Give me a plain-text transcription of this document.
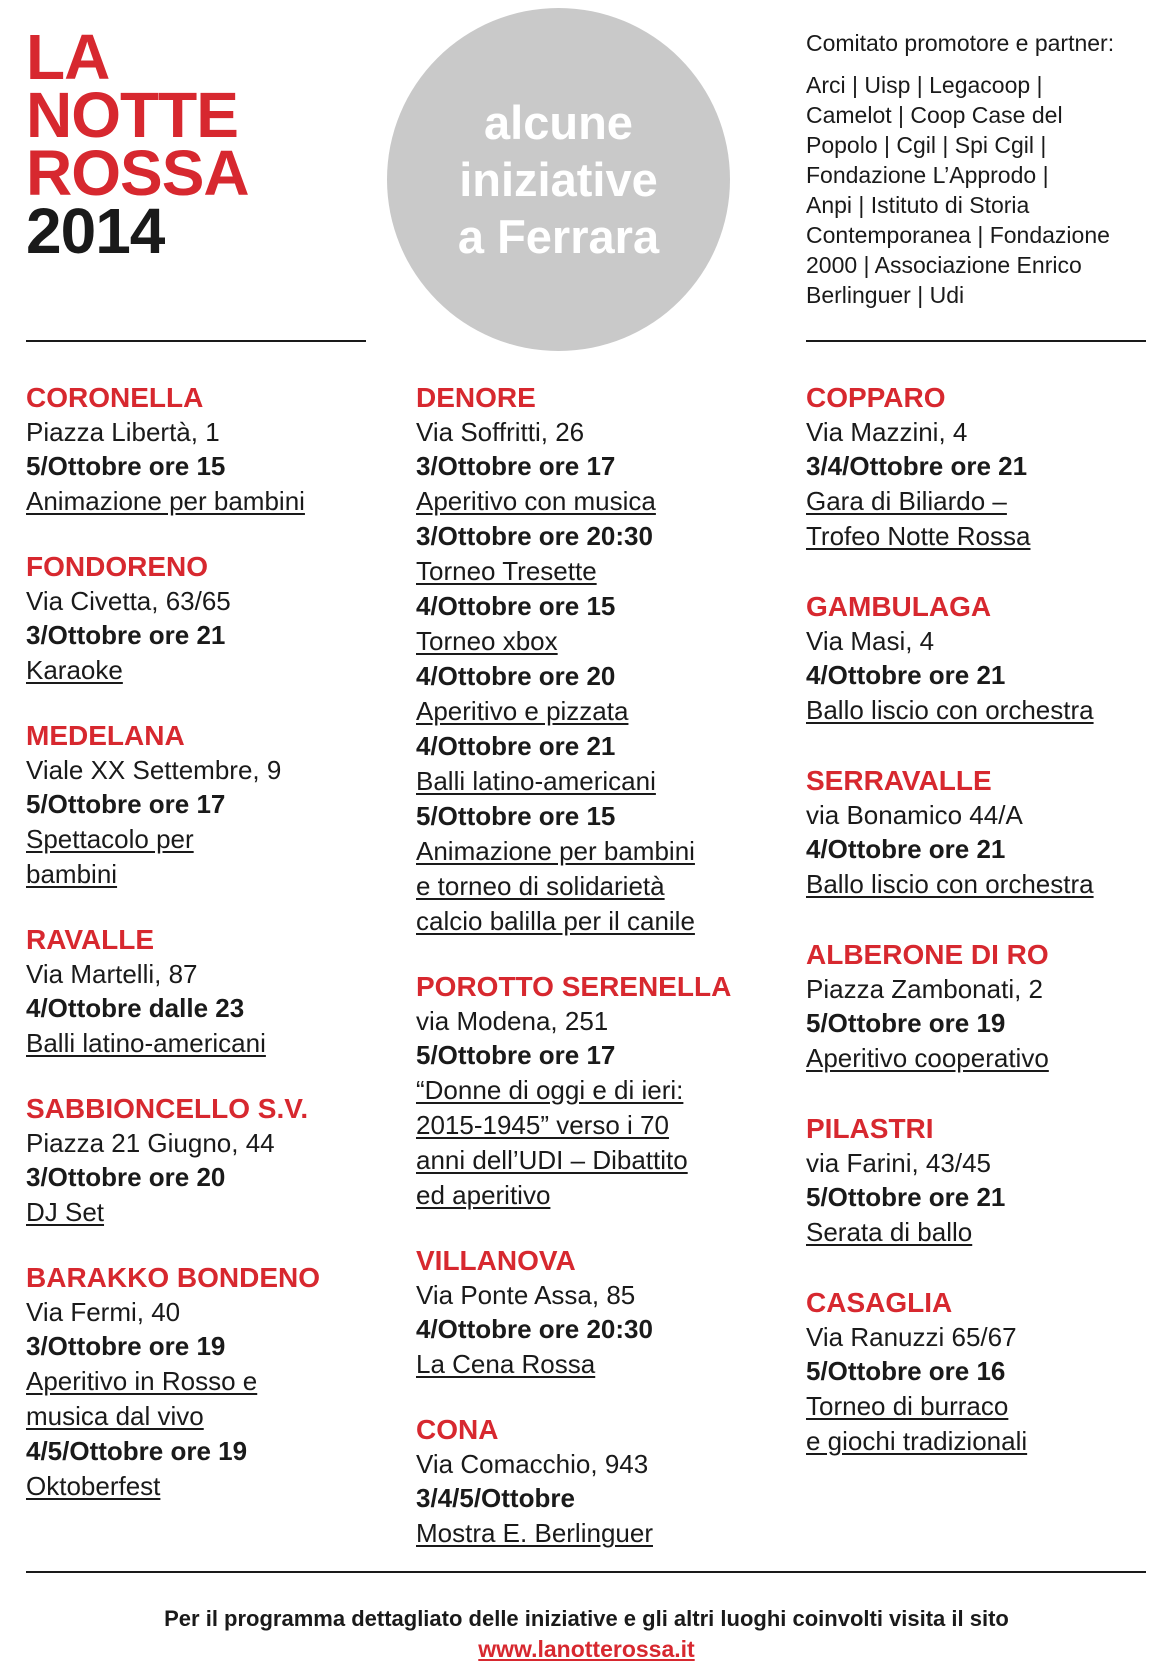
LA
NOTTE
ROSSA
2014
alcune
iniziative
a Ferrara
Comitato promotore e partner:
Arci | Uisp | Legacoop |
Camelot | Coop Case del
Popolo | Cgil | Spi Cgil |
Fondazione L’Approdo |
Anpi | Istituto di Storia
Contemporanea | Fondazione
2000 | Associazione Enrico
Berlinguer | Udi
CORONELLA
Piazza Libertà, 1
5/Ottobre ore 15
Animazione per bambini
FONDORENO
Via Civetta, 63/65
3/Ottobre ore 21
Karaoke
MEDELANA
Viale XX Settembre, 9
5/Ottobre ore 17
Spettacolo per
bambini
RAVALLE
Via Martelli, 87
4/Ottobre dalle 23
Balli latino-americani
SABBIONCELLO S.V.
Piazza 21 Giugno, 44
3/Ottobre ore 20
DJ Set
BARAKKO BONDENO
Via Fermi, 40
3/Ottobre ore 19
Aperitivo in Rosso e
musica dal vivo
4/5/Ottobre ore 19
Oktoberfest
DENORE
Via Soffritti, 26
3/Ottobre ore 17
Aperitivo con musica
3/Ottobre ore 20:30
Torneo Tresette
4/Ottobre ore 15
Torneo xbox
4/Ottobre ore 20
Aperitivo e pizzata
4/Ottobre ore 21
Balli latino-americani
5/Ottobre ore 15
Animazione per bambini
e torneo di solidarietà
calcio balilla per il canile
POROTTO SERENELLA
via Modena, 251
5/Ottobre ore 17
“Donne di oggi e di ieri:
2015-1945” verso i 70
anni dell’UDI – Dibattito
ed aperitivo
VILLANOVA
Via Ponte Assa, 85
4/Ottobre ore 20:30
La Cena Rossa
CONA
Via Comacchio, 943
3/4/5/Ottobre
Mostra E. Berlinguer
COPPARO
Via Mazzini, 4
3/4/Ottobre ore 21
Gara di Biliardo –
Trofeo Notte Rossa
GAMBULAGA
Via Masi, 4
4/Ottobre ore 21
Ballo liscio con orchestra
SERRAVALLE
via Bonamico 44/A
4/Ottobre ore 21
Ballo liscio con orchestra
ALBERONE DI RO
Piazza Zambonati, 2
5/Ottobre ore 19
Aperitivo cooperativo
PILASTRI
via Farini, 43/45
5/Ottobre ore 21
Serata di ballo
CASAGLIA
Via Ranuzzi 65/67
5/Ottobre ore 16
Torneo di burraco
e giochi tradizionali
Per il programma dettagliato delle iniziative e gli altri luoghi coinvolti visita il sito
www.lanotterossa.it
